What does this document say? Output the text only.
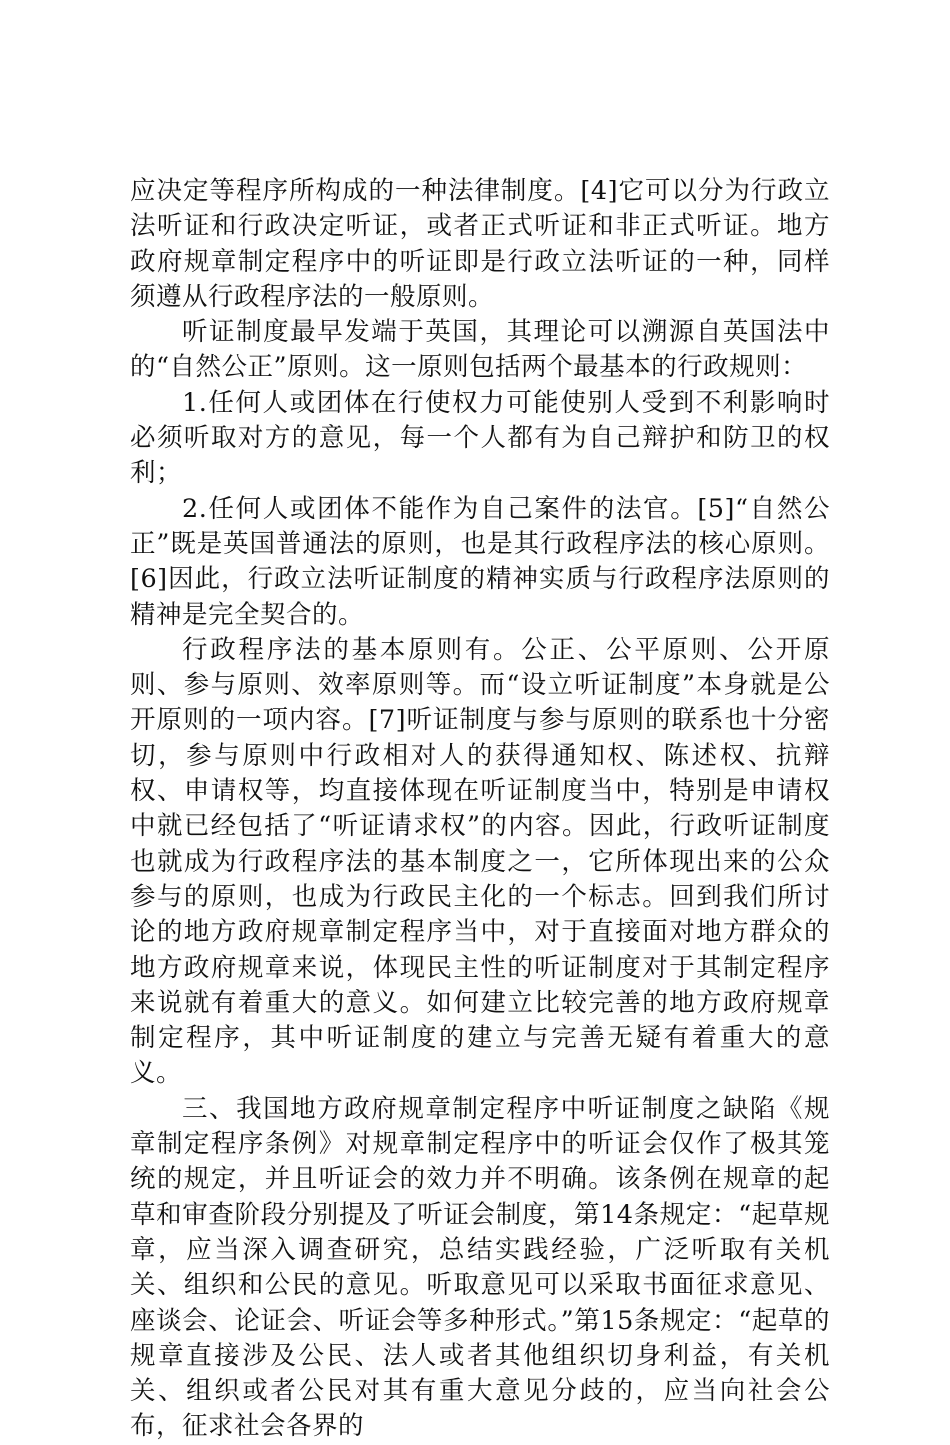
应决定等程序所构成的一种法律制度。[4]它可以分为行政立法听证和行政决定听证，或者正式听证和非正式听证。地方政府规章制定程序中的听证即是行政立法听证的一种，同样须遵从行政程序法的一般原则。

听证制度最早发端于英国，其理论可以溯源自英国法中的“自然公正”原则。这一原则包括两个最基本的行政规则：

1.任何人或团体在行使权力可能使别人受到不利影响时必须听取对方的意见，每一个人都有为自己辩护和防卫的权利；

2.任何人或团体不能作为自己案件的法官。[5]“自然公正”既是英国普通法的原则，也是其行政程序法的核心原则。[6]因此，行政立法听证制度的精神实质与行政程序法原则的精神是完全契合的。

行政程序法的基本原则有。公正、公平原则、公开原则、参与原则、效率原则等。而“设立听证制度”本身就是公开原则的一项内容。[7]听证制度与参与原则的联系也十分密切，参与原则中行政相对人的获得通知权、陈述权、抗辩权、申请权等，均直接体现在听证制度当中，特别是申请权中就已经包括了“听证请求权”的内容。因此，行政听证制度也就成为行政程序法的基本制度之一，它所体现出来的公众参与的原则，也成为行政民主化的一个标志。回到我们所讨论的地方政府规章制定程序当中，对于直接面对地方群众的地方政府规章来说，体现民主性的听证制度对于其制定程序来说就有着重大的意义。如何建立比较完善的地方政府规章制定程序，其中听证制度的建立与完善无疑有着重大的意义。

三、我国地方政府规章制定程序中听证制度之缺陷《规章制定程序条例》对规章制定程序中的听证会仅作了极其笼统的规定，并且听证会的效力并不明确。该条例在规章的起草和审查阶段分别提及了听证会制度，第14条规定：“起草规章，应当深入调查研究，总结实践经验，广泛听取有关机关、组织和公民的意见。听取意见可以采取书面征求意见、座谈会、论证会、听证会等多种形式。”第15条规定：“起草的规章直接涉及公民、法人或者其他组织切身利益，有关机关、组织或者公民对其有重大意见分歧的，应当向社会公布，征求社会各界的
